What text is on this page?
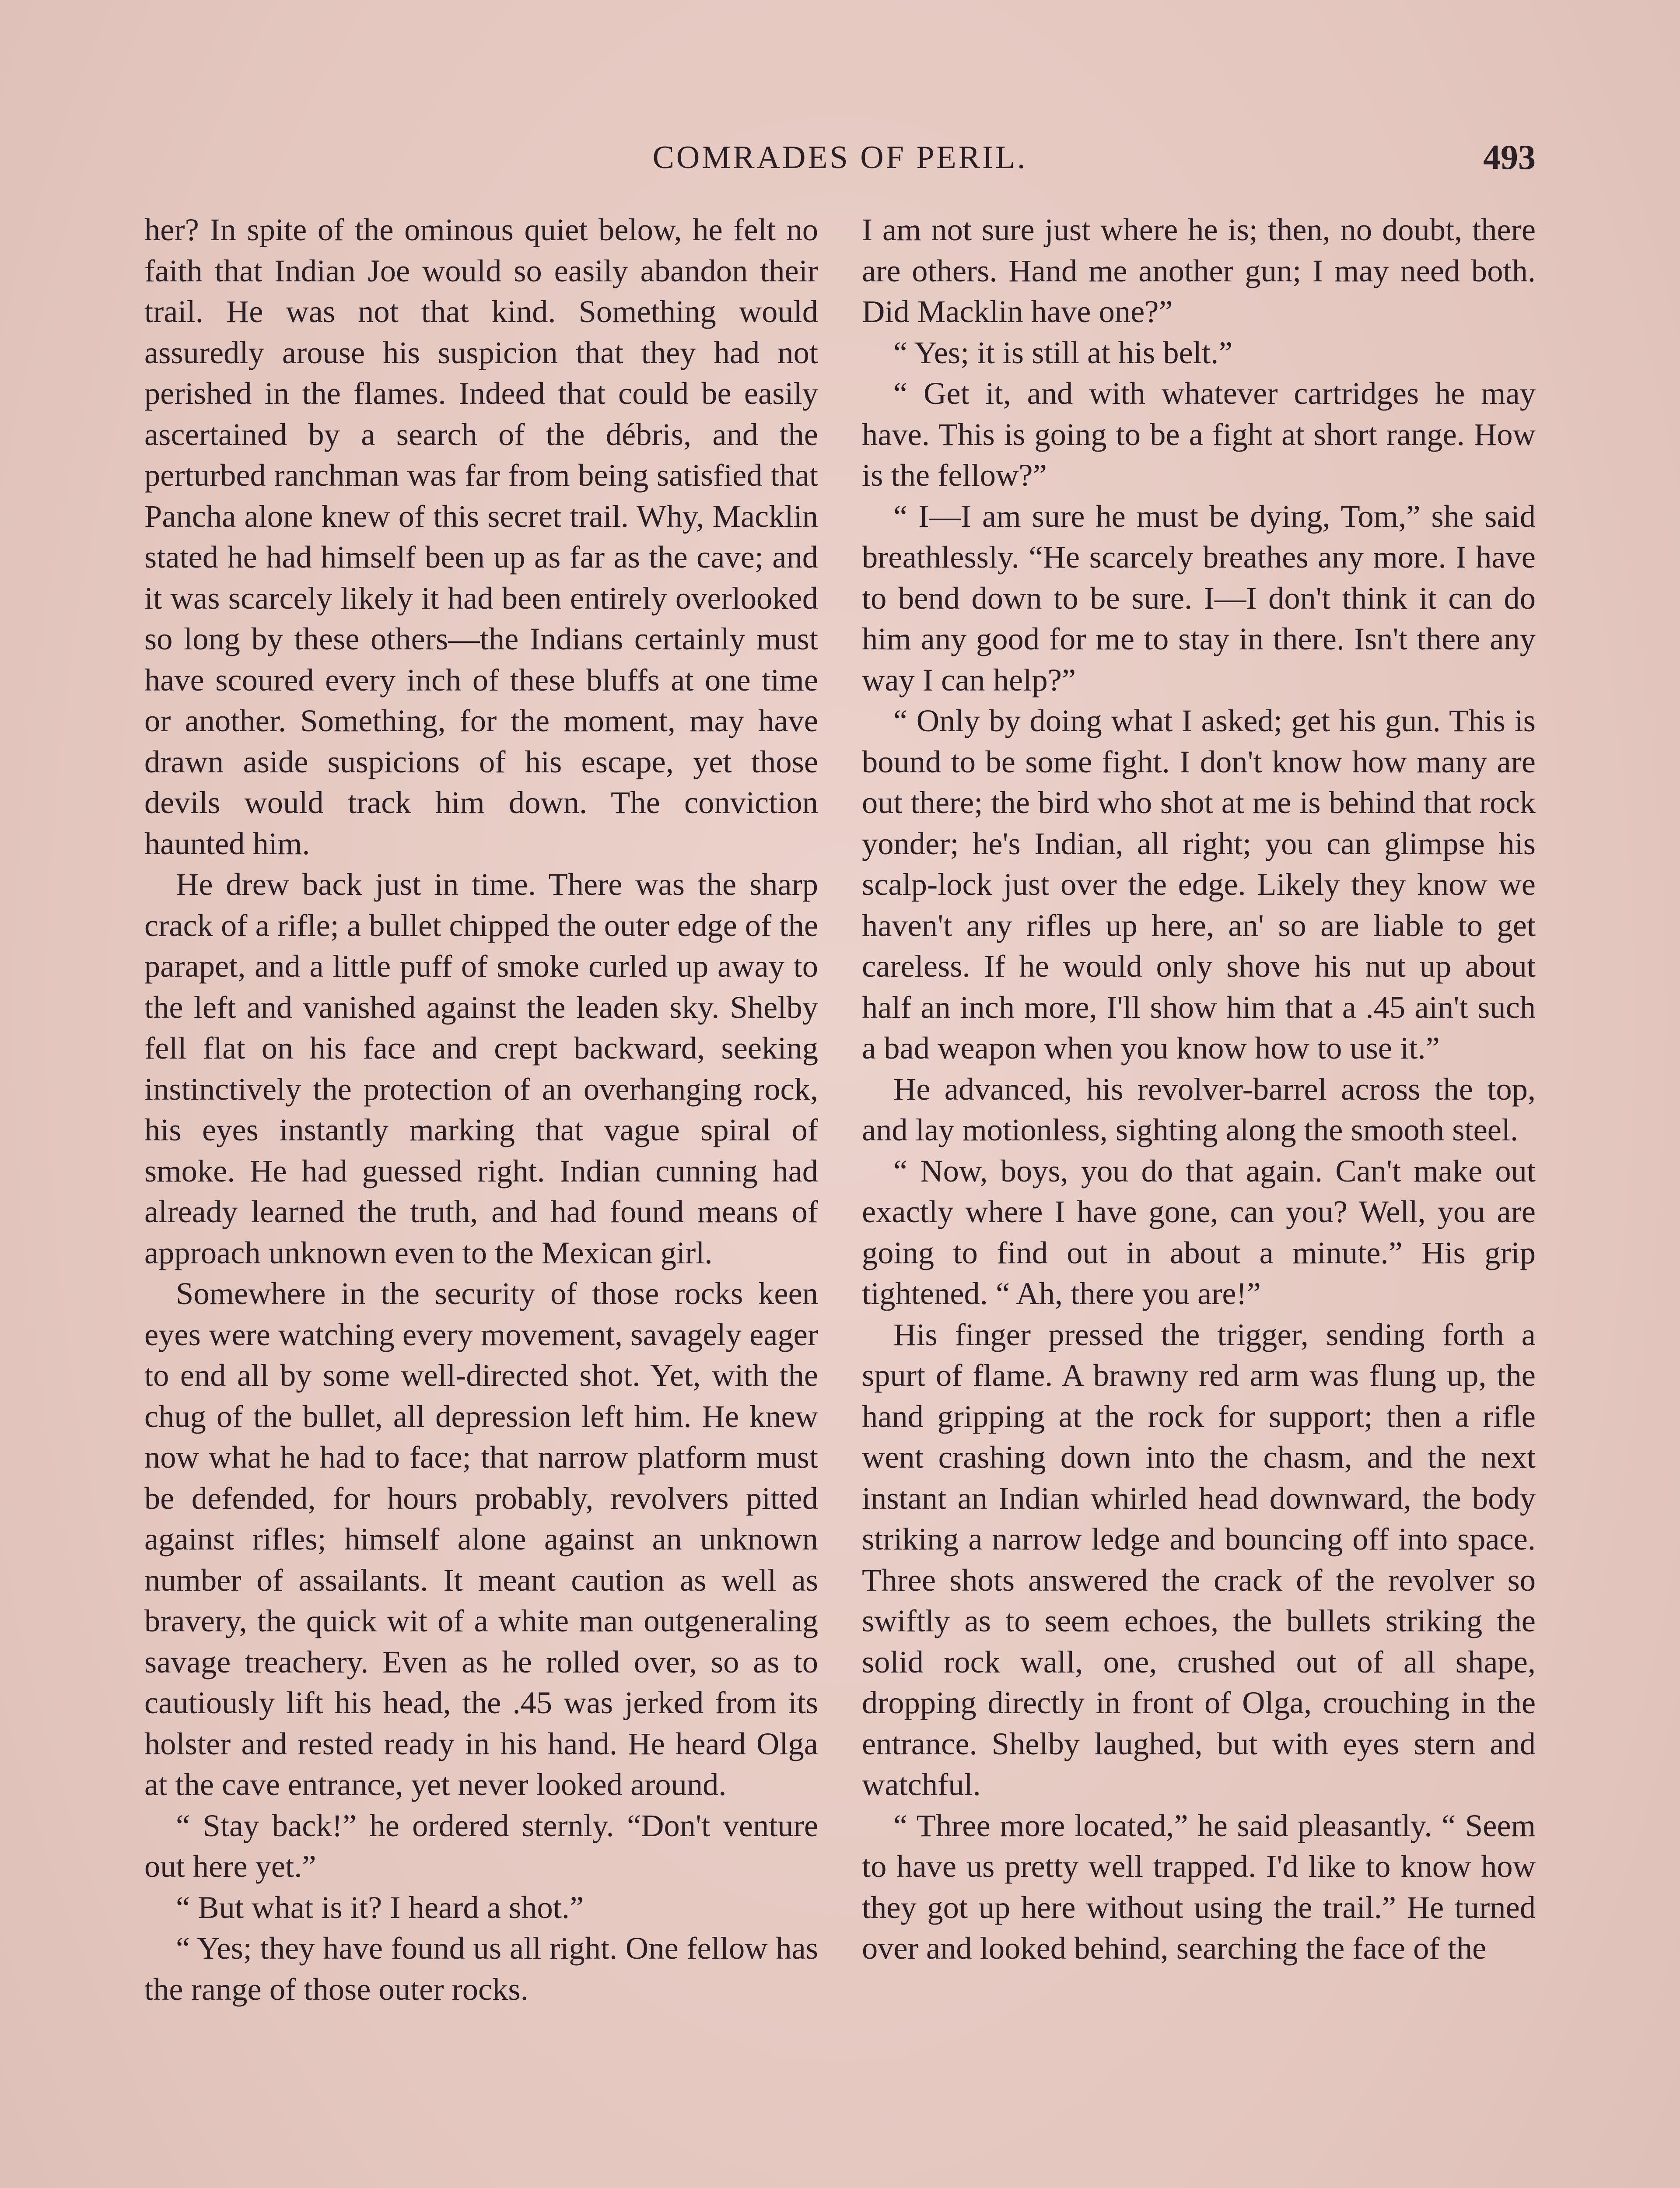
COMRADES OF PERIL.	493

her? In spite of the ominous quiet below, he felt no faith that Indian Joe would so easily abandon their trail. He was not that kind. Something would assuredly arouse his suspicion that they had not perished in the flames. Indeed that could be easily ascertained by a search of the débris, and the perturbed ranchman was far from being satisfied that Pancha alone knew of this secret trail. Why, Macklin stated he had himself been up as far as the cave; and it was scarcely likely it had been entirely overlooked so long by these others—the Indians certainly must have scoured every inch of these bluffs at one time or another. Something, for the moment, may have drawn aside suspicions of his escape, yet those devils would track him down. The conviction haunted him.

He drew back just in time. There was the sharp crack of a rifle; a bullet chipped the outer edge of the parapet, and a little puff of smoke curled up away to the left and vanished against the leaden sky. Shelby fell flat on his face and crept backward, seeking instinctively the protection of an overhanging rock, his eyes instantly marking that vague spiral of smoke. He had guessed right. Indian cunning had already learned the truth, and had found means of approach unknown even to the Mexican girl.

Somewhere in the security of those rocks keen eyes were watching every movement, savagely eager to end all by some well-directed shot. Yet, with the chug of the bullet, all depression left him. He knew now what he had to face; that narrow platform must be defended, for hours probably, revolvers pitted against rifles; himself alone against an unknown number of assailants. It meant caution as well as bravery, the quick wit of a white man outgeneraling savage treachery. Even as he rolled over, so as to cautiously lift his head, the .45 was jerked from its holster and rested ready in his hand. He heard Olga at the cave entrance, yet never looked around.

“ Stay back!” he ordered sternly. “Don't venture out here yet.”

“ But what is it? I heard a shot.”

“ Yes; they have found us all right. One fellow has the range of those outer rocks.

I am not sure just where he is; then, no doubt, there are others. Hand me another gun; I may need both. Did Macklin have one?”

“ Yes; it is still at his belt.”

“ Get it, and with whatever cartridges he may have. This is going to be a fight at short range. How is the fellow?”

“ I—I am sure he must be dying, Tom,” she said breathlessly. “He scarcely breathes any more. I have to bend down to be sure. I—I don't think it can do him any good for me to stay in there. Isn't there any way I can help?”

“ Only by doing what I asked; get his gun. This is bound to be some fight. I don't know how many are out there; the bird who shot at me is behind that rock yonder; he's Indian, all right; you can glimpse his scalp-lock just over the edge. Likely they know we haven't any rifles up here, an' so are liable to get careless. If he would only shove his nut up about half an inch more, I'll show him that a .45 ain't such a bad weapon when you know how to use it.”

He advanced, his revolver-barrel across the top, and lay motionless, sighting along the smooth steel.

“ Now, boys, you do that again. Can't make out exactly where I have gone, can you? Well, you are going to find out in about a minute.” His grip tightened. “ Ah, there you are!”

His finger pressed the trigger, sending forth a spurt of flame. A brawny red arm was flung up, the hand gripping at the rock for support; then a rifle went crashing down into the chasm, and the next instant an Indian whirled head downward, the body striking a narrow ledge and bouncing off into space. Three shots answered the crack of the revolver so swiftly as to seem echoes, the bullets striking the solid rock wall, one, crushed out of all shape, dropping directly in front of Olga, crouching in the entrance. Shelby laughed, but with eyes stern and watchful.

“ Three more located,” he said pleasantly. “ Seem to have us pretty well trapped. I'd like to know how they got up here without using the trail.” He turned over and looked behind, searching the face of the
